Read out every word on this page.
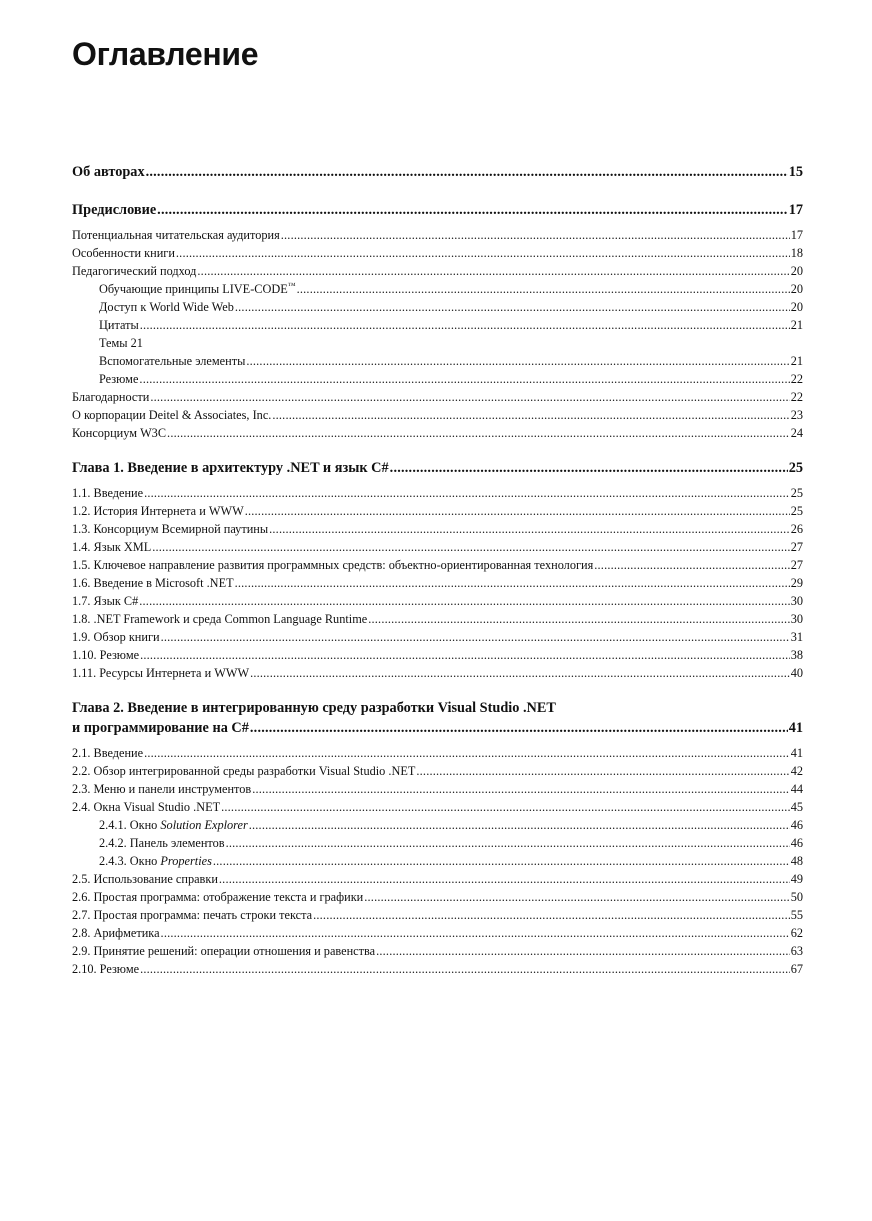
Оглавление
Об авторах .....	15
Предисловие .....	17
Потенциальная читательская аудитория .....	17
Особенности книги .....	18
Педагогический подход .....	20
Обучающие принципы LIVE-CODE™ .....	20
Доступ к World Wide Web .....	20
Цитаты .....	21
Темы 21
Вспомогательные элементы .....	21
Резюме .....	22
Благодарности .....	22
О корпорации Deitel & Associates, Inc. .....	23
Консорциум W3C .....	24
Глава 1. Введение в архитектуру .NET и язык C# .....	25
1.1. Введение .....	25
1.2. История Интернета и WWW .....	25
1.3. Консорциум Всемирной паутины .....	26
1.4. Язык XML .....	27
1.5. Ключевое направление развития программных средств: объектно-ориентированная технология .....	27
1.6. Введение в Microsoft .NET .....	29
1.7. Язык C# .....	30
1.8. .NET Framework и среда Common Language Runtime .....	30
1.9. Обзор книги .....	31
1.10. Резюме .....	38
1.11. Ресурсы Интернета и WWW .....	40
Глава 2. Введение в интегрированную среду разработки Visual Studio .NET
и программирование на C# .....	41
2.1. Введение .....	41
2.2. Обзор интегрированной среды разработки Visual Studio .NET .....	42
2.3. Меню и панели инструментов .....	44
2.4. Окна Visual Studio .NET .....	45
2.4.1. Окно Solution Explorer .....	46
2.4.2. Панель элементов .....	46
2.4.3. Окно Properties .....	48
2.5. Использование справки .....	49
2.6. Простая программа: отображение текста и графики .....	50
2.7. Простая программа: печать строки текста .....	55
2.8. Арифметика .....	62
2.9. Принятие решений: операции отношения и равенства .....	63
2.10. Резюме .....	67
